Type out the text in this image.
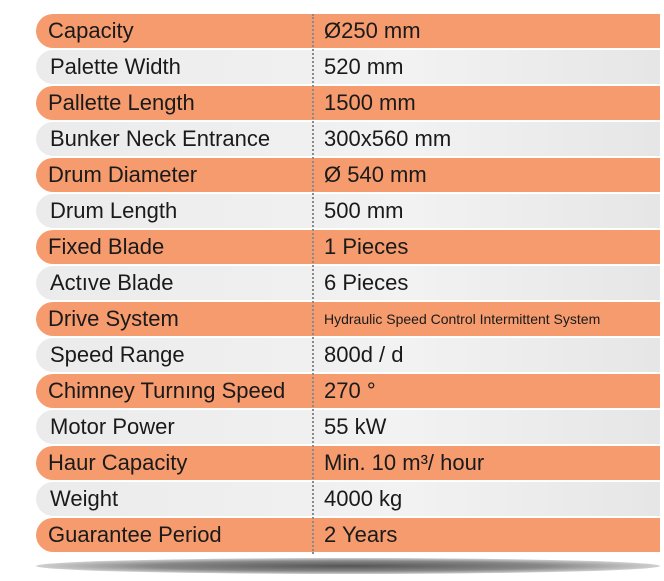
Capacity	Ø250 mm
Palette Width	520 mm
Pallette Length	1500 mm
Bunker Neck Entrance	300x560 mm
Drum Diameter	Ø 540 mm
Drum Length	500 mm
Fixed Blade	1 Pieces
Actıve Blade	6 Pieces
Drive System	Hydraulic Speed Control Intermittent System
Speed Range	800d / d
Chimney Turnıng Speed	270 °
Motor Power	55 kW
Haur Capacity	Min. 10 m³/ hour
Weight	4000 kg
Guarantee Period	2 Years
